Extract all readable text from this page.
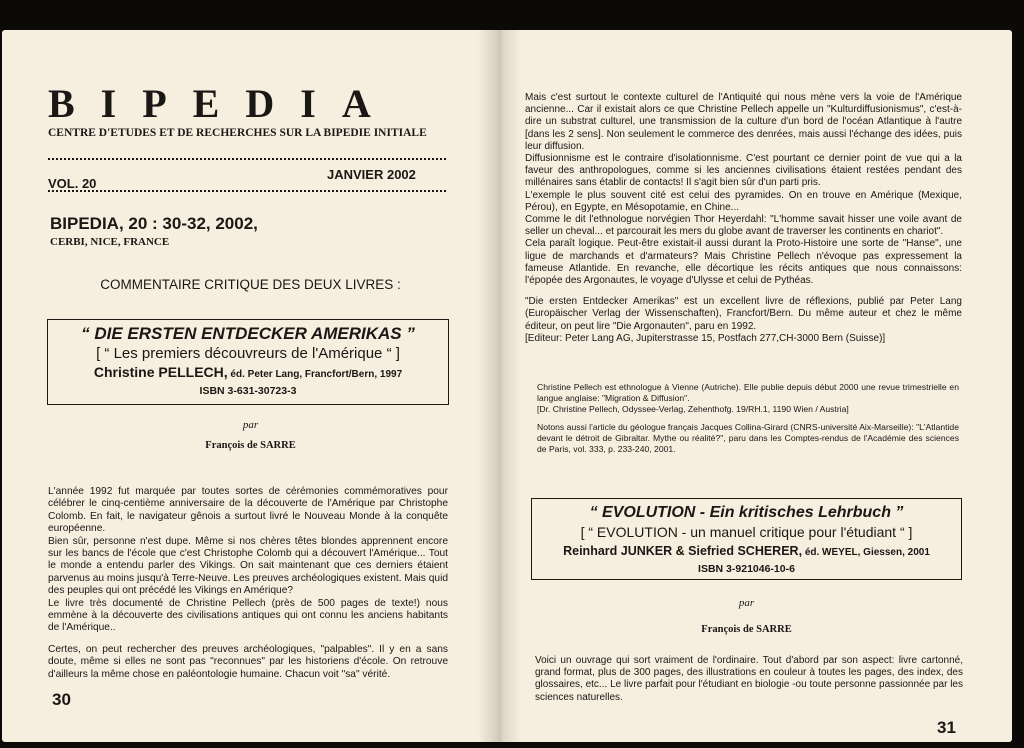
BIPEDIA
CENTRE D'ETUDES ET DE RECHERCHES SUR LA BIPEDIE INITIALE
JANVIER 2002
VOL. 20
BIPEDIA, 20 : 30-32, 2002,
CERBI, NICE, FRANCE
COMMENTAIRE CRITIQUE DES DEUX LIVRES :
“ DIE ERSTEN ENTDECKER AMERIKAS ”
[ “ Les premiers découvreurs de l'Amérique “ ]
Christine PELLECH, éd. Peter Lang, Francfort/Bern, 1997
ISBN 3-631-30723-3
par
François de SARRE

L'année 1992 fut marquée par toutes sortes de cérémonies commémoratives pour célébrer le cinq-centième anniversaire de la découverte de l'Amérique par Christophe Colomb. En fait, le navigateur gênois a surtout livré le Nouveau Monde à la conquête européenne.

Bien sûr, personne n'est dupe. Même si nos chères têtes blondes apprennent encore sur les bancs de l'école que c'est Christophe Colomb qui a découvert l'Amérique... Tout le monde a entendu parler des Vikings. On sait maintenant que ces derniers étaient parvenus au moins jusqu'à Terre-Neuve. Les preuves archéologiques existent. Mais quid des peuples qui ont précédé les Vikings en Amérique?

Le livre très documenté de Christine Pellech (près de 500 pages de texte!) nous emmène à la découverte des civilisations antiques qui ont connu les anciens habitants de l'Amérique..

Certes, on peut rechercher des preuves archéologiques, "palpables". Il y en a sans doute, même si elles ne sont pas "reconnues" par les historiens d'école. On retrouve d'ailleurs la même chose en paléontologie humaine. Chacun voit "sa" vérité.

30

Mais c'est surtout le contexte culturel de l'Antiquité qui nous mène vers la voie de l'Amérique ancienne... Car il existait alors ce que Christine Pellech appelle un "Kulturdiffusionismus", c'est-à-dire un substrat culturel, une transmission de la culture d'un bord de l'océan Atlantique à l'autre [dans les 2 sens]. Non seulement le commerce des denrées, mais aussi l'échange des idées, puis leur diffusion.

Diffusionnisme est le contraire d'isolationnisme. C'est pourtant ce dernier point de vue qui a la faveur des anthropologues, comme si les anciennes civilisations étaient restées pendant des millénaires sans établir de contacts! Il s'agit bien sûr d'un parti pris.

L'exemple le plus souvent cité est celui des pyramides. On en trouve en Amérique (Mexique, Pérou), en Egypte, en Mésopotamie, en Chine...

Comme le dit l'ethnologue norvégien Thor Heyerdahl: "L'homme savait hisser une voile avant de seller un cheval... et parcourait les mers du globe avant de traverser les continents en chariot".

Cela paraît logique. Peut-être existait-il aussi durant la Proto-Histoire une sorte de "Hanse", une ligue de marchands et d'armateurs? Mais Christine Pellech n'évoque pas expressement la fameuse Atlantide. En revanche, elle décortique les récits antiques que nous connaissons: l'épopée des Argonautes, le voyage d'Ulysse et celui de Pythéas.

"Die ersten Entdecker Amerikas" est un excellent livre de réflexions, publié par Peter Lang (Europäischer Verlag der Wissenschaften), Francfort/Bern. Du même auteur et chez le même éditeur, on peut lire "Die Argonauten", paru en 1992.

[Editeur: Peter Lang AG, Jupiterstrasse 15, Postfach 277,CH-3000 Bern (Suisse)]

Christine Pellech est ethnologue à Vienne (Autriche). Elle publie depuis début 2000 une revue trimestrielle en langue anglaise: "Migration & Diffusion".

[Dr. Christine Pellech, Odyssee-Verlag, Zehenthofg. 19/RH.1, 1190 Wien / Austria]

Notons aussi l'article du géologue français Jacques Collina-Girard (CNRS-université Aix-Marseille): "L'Atlantide devant le détroit de Gibraltar. Mythe ou réalité?", paru dans les Comptes-rendus de l'Académie des sciences de Paris, vol. 333, p. 233-240, 2001.

“ EVOLUTION - Ein kritisches Lehrbuch ”
[ “ EVOLUTION - un manuel critique pour l'étudiant “ ]
Reinhard JUNKER & Siefried SCHERER, éd. WEYEL, Giessen, 2001
ISBN 3-921046-10-6
par
François de SARRE
Voici un ouvrage qui sort vraiment de l'ordinaire. Tout d'abord par son aspect: livre cartonné, grand format, plus de 300 pages, des illustrations en couleur à toutes les pages, des index, des glossaires, etc... Le livre parfait pour l'étudiant en biologie -ou toute personne passionnée par les sciences naturelles.
31
